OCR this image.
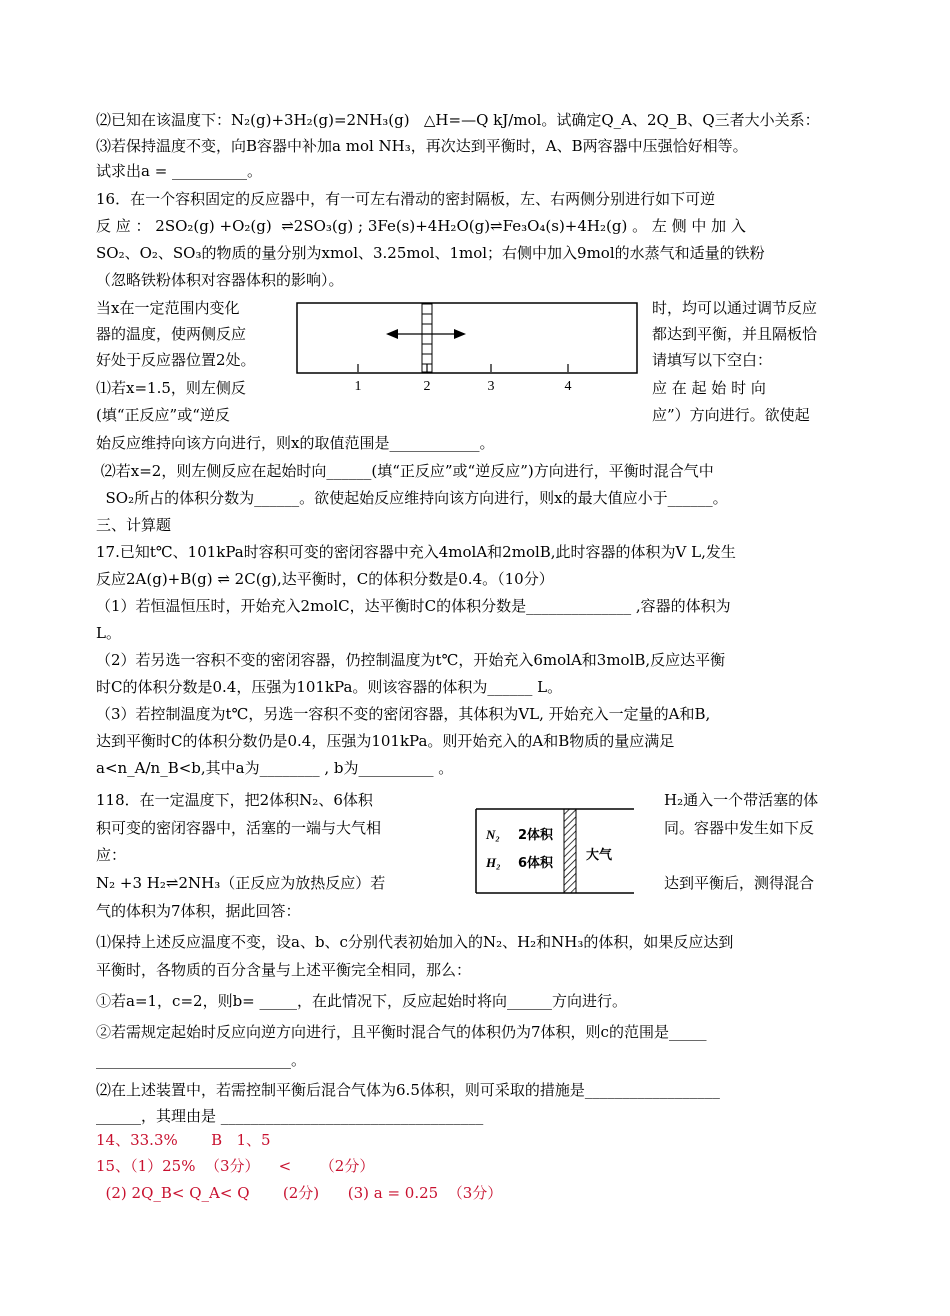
⑵已知在该温度下：N₂(g)+3H₂(g)=2NH₃(g)   △H=—Q kJ/mol。试确定Q_A、2Q_B、Q三者大小关系：
⑶若保持温度不变，向B容器中补加a mol NH₃，再次达到平衡时，A、B两容器中压强恰好相等。
试求出a = __________。
16．在一个容积固定的反应器中，有一可左右滑动的密封隔板，左、右两侧分别进行如下可逆
反 应 ： 2SO₂(g) +O₂(g)  ⇌2SO₃(g) ; 3Fe(s)+4H₂O(g)⇌Fe₃O₄(s)+4H₂(g) 。 左 侧 中 加 入
SO₂、O₂、SO₃的物质的量分别为xmol、3.25mol、1mol；右侧中加入9mol的水蒸气和适量的铁粉
（忽略铁粉体积对容器体积的影响）。
当x在一定范围内变化	时，均可以通过调节反应
器的温度，使两侧反应	都达到平衡，并且隔板恰
好处于反应器位置2处。	请填写以下空白：
⑴若x=1.5，则左侧反	应 在 起 始 时 向
(填“正反应”或“逆反	应”）方向进行。欲使起
1	2	3	4
始反应维持向该方向进行，则x的取值范围是____________。
⑵若x=2，则左侧反应在起始时向______(填“正反应”或“逆反应”)方向进行，平衡时混合气中
SO₂所占的体积分数为______。欲使起始反应维持向该方向进行，则x的最大值应小于______。
三、计算题
17.已知t℃、101kPa时容积可变的密闭容器中充入4molA和2molB,此时容器的体积为V L,发生
反应2A(g)+B(g) ⇌ 2C(g),达平衡时，C的体积分数是0.4。（10分）
（1）若恒温恒压时，开始充入2molC，达平衡时C的体积分数是______________ ,容器的体积为
L。
（2）若另选一容积不变的密闭容器，仍控制温度为t℃，开始充入6molA和3molB,反应达平衡
时C的体积分数是0.4，压强为101kPa。则该容器的体积为______ L。
（3）若控制温度为t℃，另选一容积不变的密闭容器，其体积为VL, 开始充入一定量的A和B,
达到平衡时C的体积分数仍是0.4，压强为101kPa。则开始充入的A和B物质的量应满足
a<n_A/n_B<b,其中a为________ , b为__________ 。
118．在一定温度下，把2体积N₂、6体积	H₂通入一个带活塞的体
积可变的密闭容器中，活塞的一端与大气相	同。容器中发生如下反
应：
N₂ +3 H₂⇌2NH₃（正反应为放热反应）若	达到平衡后，测得混合
N₂ 2体积
H₂ 6体积
大气
气的体积为7体积，据此回答：
⑴保持上述反应温度不变，设a、b、c分别代表初始加入的N₂、H₂和NH₃的体积，如果反应达到
平衡时，各物质的百分含量与上述平衡完全相同，那么：
①若a=1，c=2，则b= _____，在此情况下，反应起始时将向______方向进行。
②若需规定起始时反应向逆方向进行，且平衡时混合气的体积仍为7体积，则c的范围是_____
__________________________。
⑵在上述装置中，若需控制平衡后混合气体为6.5体积，则可采取的措施是__________________
______，其理由是 ___________________________________
14、33.3%       B   1、5
15、（1）25%  （3分）    <      （2分）
(2) 2Q_B< Q_A< Q       (2分)      (3) a = 0.25  （3分）
